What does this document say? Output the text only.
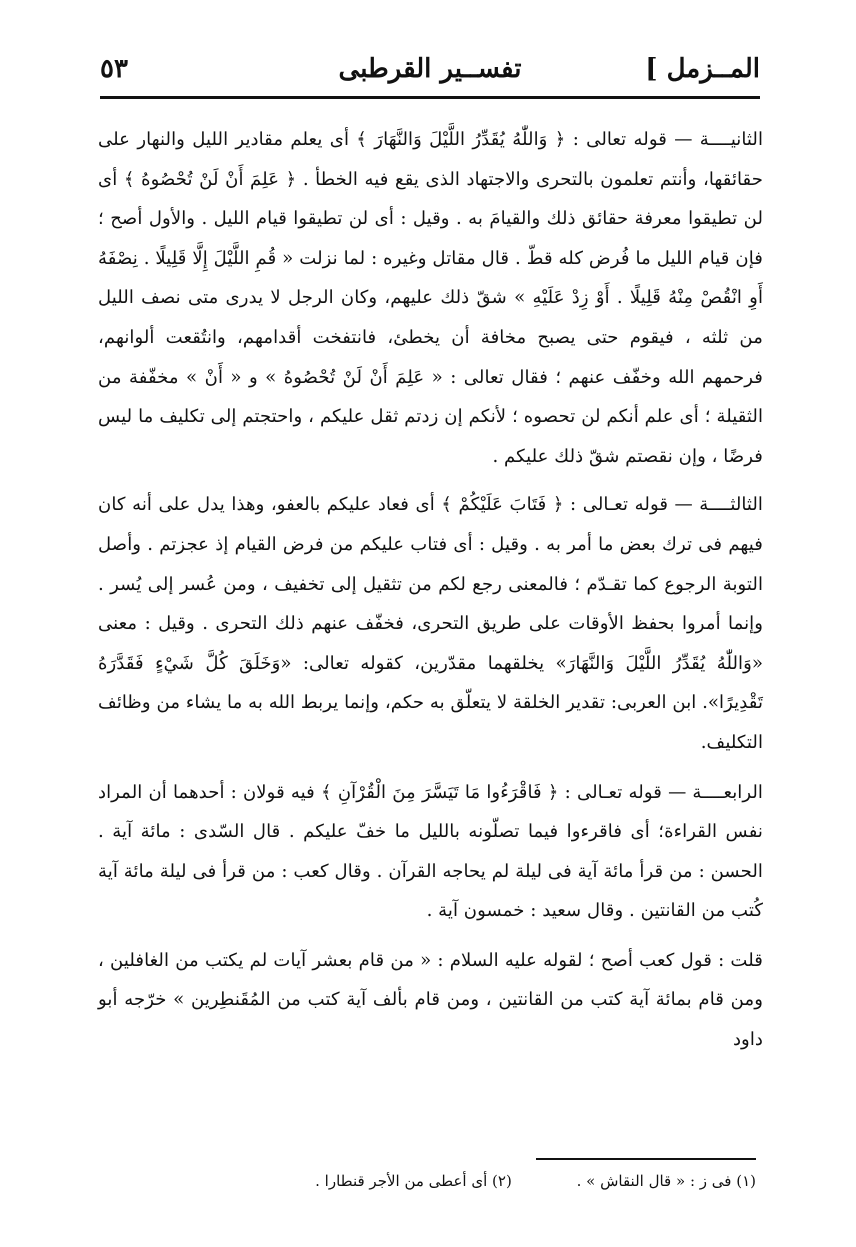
المــزمل ]
تفســير القرطبى
٥٣

الثانيــــة — قوله تعالى : ﴿ وَاللّٰهُ يُقَدِّرُ اللَّيْلَ وَالنَّهَارَ ﴾ أى يعلم مقادير الليل والنهار على حقائقها، وأنتم تعلمون بالتحرى والاجتهاد الذى يقع فيه الخطأ . ﴿ عَلِمَ أَنْ لَنْ تُحْصُوهُ ﴾ أى لن تطيقوا معرفة حقائق ذلك والقيامَ به . وقيل : أى لن تطيقوا قيام الليل . والأول أصح ؛ فإن قيام الليل ما فُرض كله قطّ . قال مقاتل وغيره : لما نزلت « قُمِ اللَّيْلَ إِلَّا قَلِيلًا . نِصْفَهُ أَوِ انْقُصْ مِنْهُ قَلِيلًا . أَوْ زِدْ عَلَيْهِ » شقّ ذلك عليهم، وكان الرجل لا يدرى متى نصف الليل من ثلثه ، فيقوم حتى يصبح مخافة أن يخطئ، فانتفخت أقدامهم، وانتُقعت ألوانهم، فرحمهم الله وخفّف عنهم ؛ فقال تعالى : « عَلِمَ أَنْ لَنْ تُحْصُوهُ » و « أَنْ » مخفّفة من الثقيلة ؛ أى علم أنكم لن تحصوه ؛ لأنكم إن زدتم ثقل عليكم ، واحتجتم إلى تكليف ما ليس فرضًا ، وإن نقصتم شقّ ذلك عليكم .

الثالثــــة — قوله تعـالى : ﴿ فَتَابَ عَلَيْكُمْ ﴾ أى فعاد عليكم بالعفو، وهذا يدل على أنه كان فيهم فى ترك بعض ما أمر به . وقيل : أى فتاب عليكم من فرض القيام إذ عجزتم . وأصل التوبة الرجوع كما تقـدّم ؛ فالمعنى رجع لكم من تثقيل إلى تخفيف ، ومن عُسر إلى يُسر . وإنما أمروا بحفظ الأوقات على طريق التحرى، فخفّف عنهم ذلك التحرى . وقيل : معنى «وَاللّٰهُ يُقَدِّرُ اللَّيْلَ وَالنَّهَارَ» يخلقهما مقدّرين، كقوله تعالى: «وَخَلَقَ كُلَّ شَيْءٍ فَقَدَّرَهُ تَقْدِيرًا». ابن العربى: تقدير الخلقة لا يتعلّق به حكم، وإنما يربط الله به ما يشاء من وظائف التكليف.

الرابعــــة — قوله تعـالى : ﴿ فَاقْرَءُوا مَا تَيَسَّرَ مِنَ الْقُرْآنِ ﴾ فيه قولان : أحدهما أن المراد نفس القراءة؛ أى فاقرءوا فيما تصلّونه بالليل ما خفّ عليكم . قال السّدى : مائة آية . الحسن : من قرأ مائة آية فى ليلة لم يحاجه القرآن . وقال كعب : من قرأ فى ليلة مائة آية كُتب من القانتين . وقال سعيد : خمسون آية .

قلت : قول كعب أصح ؛ لقوله عليه السلام : « من قام بعشر آيات لم يكتب من الغافلين ، ومن قام بمائة آية كتب من القانتين ، ومن قام بألف آية كتب من المُقَنطِرين » خرّجه أبو داود

(١) فى ز : « قال النقاش » . (٢) أى أعطى من الأجر قنطارا .
